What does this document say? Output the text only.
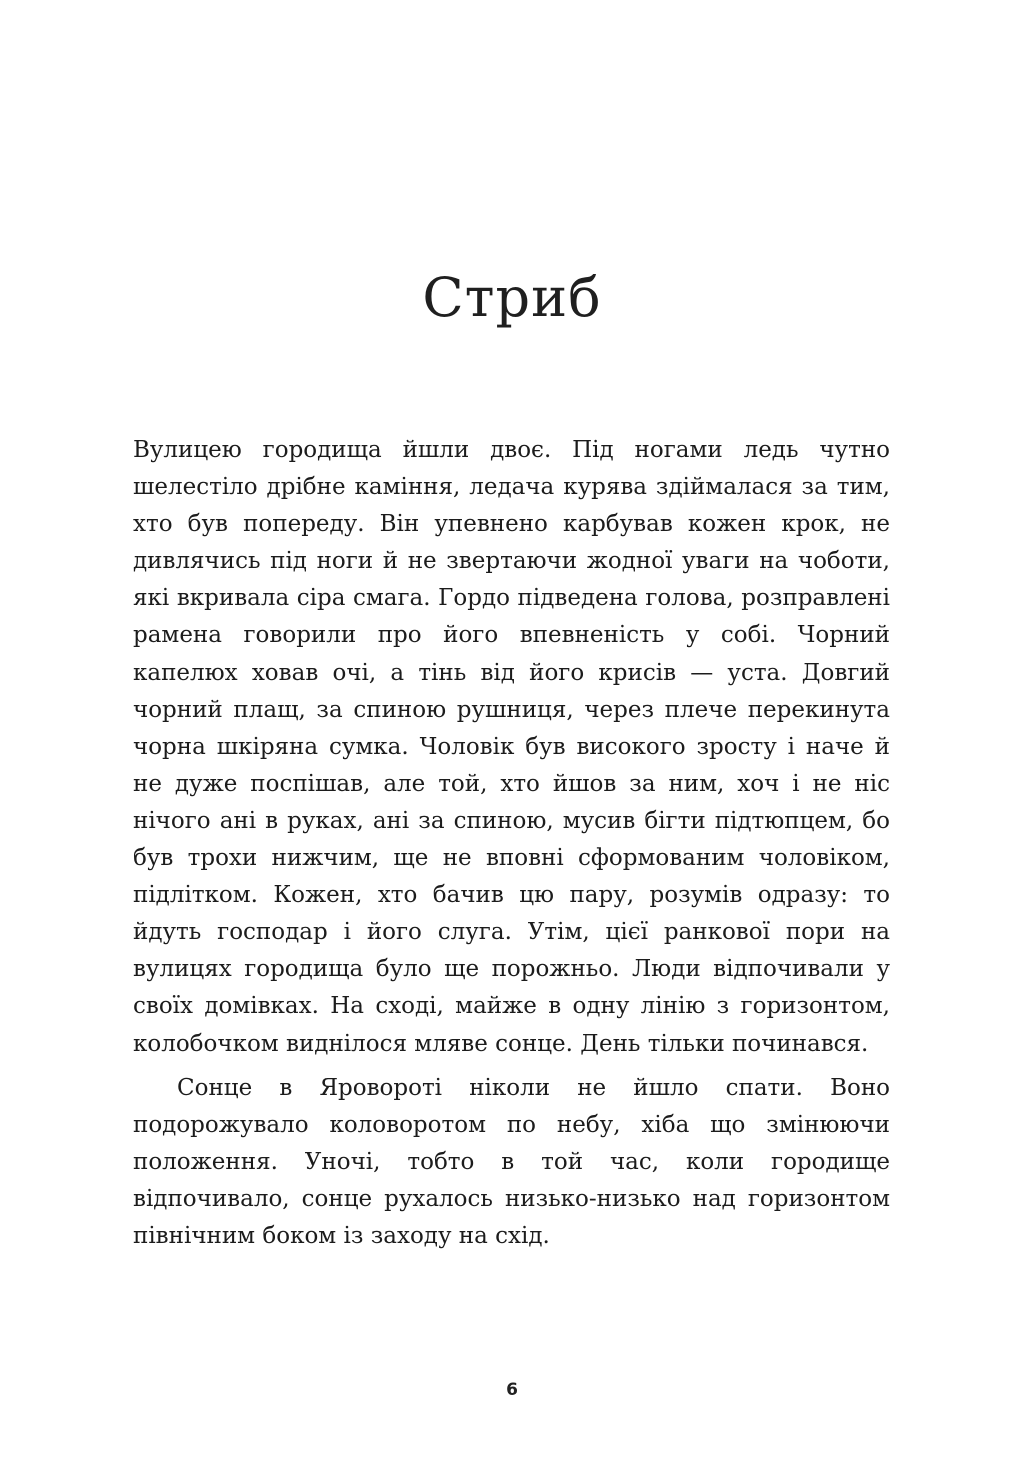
Стриб

Вулицею городища йшли двоє. Під ногами ледь чутно шелестіло дрібне каміння, ледача курява здіймалася за тим, хто був попереду. Він упевнено карбував кожен крок, не дивлячись під ноги й не звертаючи жодної уваги на чоботи, які вкривала сіра смага. Гордо підведена голова, розправлені рамена говорили про його впевненість у собі. Чорний капелюх ховав очі, а тінь від його крисів — уста. Довгий чорний плащ, за спиною рушниця, через плече перекинута чорна шкіряна сумка. Чоловік був високого зросту і наче й не дуже поспішав, але той, хто йшов за ним, хоч і не ніс нічого ані в руках, ані за спиною, мусив бігти підтюпцем, бо був трохи нижчим, ще не вповні сформованим чоловіком, підлітком. Кожен, хто бачив цю пару, розумів одразу: то йдуть господар і його слуга. Утім, цієї ранкової пори на вулицях городища було ще порожньо. Люди відпочивали у своїх домівках. На сході, майже в одну лінію з горизонтом, колобочком виднілося мляве сонце. День тільки починався.

Сонце в Яровороті ніколи не йшло спати. Воно подорожувало коловоротом по небу, хіба що змінюючи положення. Уночі, тобто в той час, коли городище відпочивало, сонце рухалось низько-низько над горизонтом північним боком із заходу на схід.

6
